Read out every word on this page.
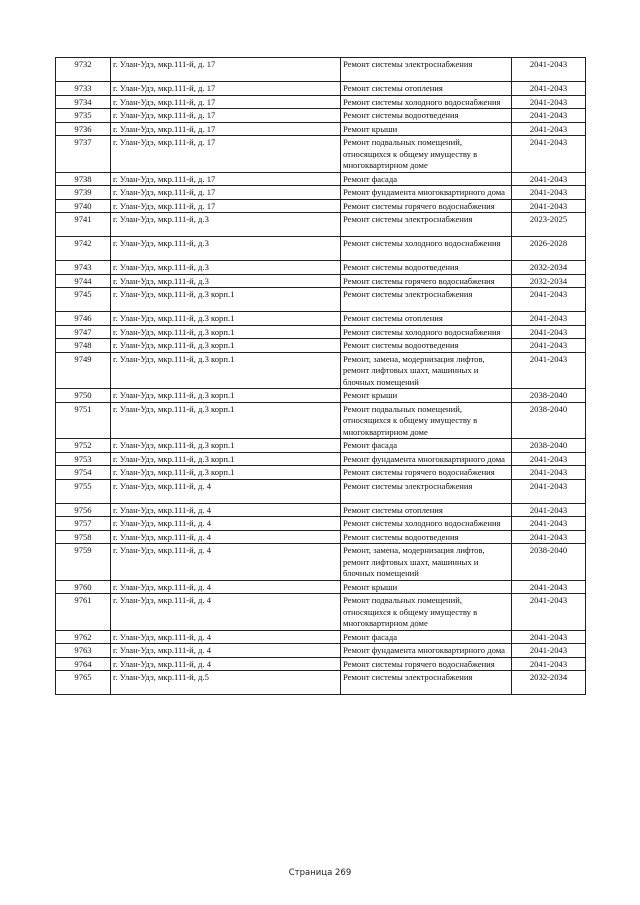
9732	г. Улан-Удэ, мкр.111-й, д. 17	Ремонт системы электроснабжения	2041-2043
9733	г. Улан-Удэ, мкр.111-й, д. 17	Ремонт системы отопления	2041-2043
9734	г. Улан-Удэ, мкр.111-й, д. 17	Ремонт системы холодного водоснабжения	2041-2043
9735	г. Улан-Удэ, мкр.111-й, д. 17	Ремонт системы водоотведения	2041-2043
9736	г. Улан-Удэ, мкр.111-й, д. 17	Ремонт крыши	2041-2043
9737	г. Улан-Удэ, мкр.111-й, д. 17	Ремонт подвальных помещений, относящихся к общему имуществу в многоквартирном доме	2041-2043
9738	г. Улан-Удэ, мкр.111-й, д. 17	Ремонт фасада	2041-2043
9739	г. Улан-Удэ, мкр.111-й, д. 17	Ремонт фундамента многоквартирного дома	2041-2043
9740	г. Улан-Удэ, мкр.111-й, д. 17	Ремонт системы горячего водоснабжения	2041-2043
9741	г. Улан-Удэ, мкр.111-й, д.3	Ремонт системы электроснабжения	2023-2025
9742	г. Улан-Удэ, мкр.111-й, д.3	Ремонт системы холодного водоснабжения	2026-2028
9743	г. Улан-Удэ, мкр.111-й, д.3	Ремонт системы водоотведения	2032-2034
9744	г. Улан-Удэ, мкр.111-й, д.3	Ремонт системы горячего водоснабжения	2032-2034
9745	г. Улан-Удэ, мкр.111-й, д.3 корп.1	Ремонт системы электроснабжения	2041-2043
9746	г. Улан-Удэ, мкр.111-й, д.3 корп.1	Ремонт системы отопления	2041-2043
9747	г. Улан-Удэ, мкр.111-й, д.3 корп.1	Ремонт системы холодного водоснабжения	2041-2043
9748	г. Улан-Удэ, мкр.111-й, д.3 корп.1	Ремонт системы водоотведения	2041-2043
9749	г. Улан-Удэ, мкр.111-й, д.3 корп.1	Ремонт, замена, модернизация лифтов, ремонт лифтовых шахт, машинных и блочных помещений	2041-2043
9750	г. Улан-Удэ, мкр.111-й, д.3 корп.1	Ремонт крыши	2038-2040
9751	г. Улан-Удэ, мкр.111-й, д.3 корп.1	Ремонт подвальных помещений, относящихся к общему имуществу в многоквартирном доме	2038-2040
9752	г. Улан-Удэ, мкр.111-й, д.3 корп.1	Ремонт фасада	2038-2040
9753	г. Улан-Удэ, мкр.111-й, д.3 корп.1	Ремонт фундамента многоквартирного дома	2041-2043
9754	г. Улан-Удэ, мкр.111-й, д.3 корп.1	Ремонт системы горячего водоснабжения	2041-2043
9755	г. Улан-Удэ, мкр.111-й, д. 4	Ремонт системы электроснабжения	2041-2043
9756	г. Улан-Удэ, мкр.111-й, д. 4	Ремонт системы отопления	2041-2043
9757	г. Улан-Удэ, мкр.111-й, д. 4	Ремонт системы холодного водоснабжения	2041-2043
9758	г. Улан-Удэ, мкр.111-й, д. 4	Ремонт системы водоотведения	2041-2043
9759	г. Улан-Удэ, мкр.111-й, д. 4	Ремонт, замена, модернизация лифтов, ремонт лифтовых шахт, машинных и блочных помещений	2038-2040
9760	г. Улан-Удэ, мкр.111-й, д. 4	Ремонт крыши	2041-2043
9761	г. Улан-Удэ, мкр.111-й, д. 4	Ремонт подвальных помещений, относящихся к общему имуществу в многоквартирном доме	2041-2043
9762	г. Улан-Удэ, мкр.111-й, д. 4	Ремонт фасада	2041-2043
9763	г. Улан-Удэ, мкр.111-й, д. 4	Ремонт фундамента многоквартирного дома	2041-2043
9764	г. Улан-Удэ, мкр.111-й, д. 4	Ремонт системы горячего водоснабжения	2041-2043
9765	г. Улан-Удэ, мкр.111-й, д.5	Ремонт системы электроснабжения	2032-2034
Страница 269
